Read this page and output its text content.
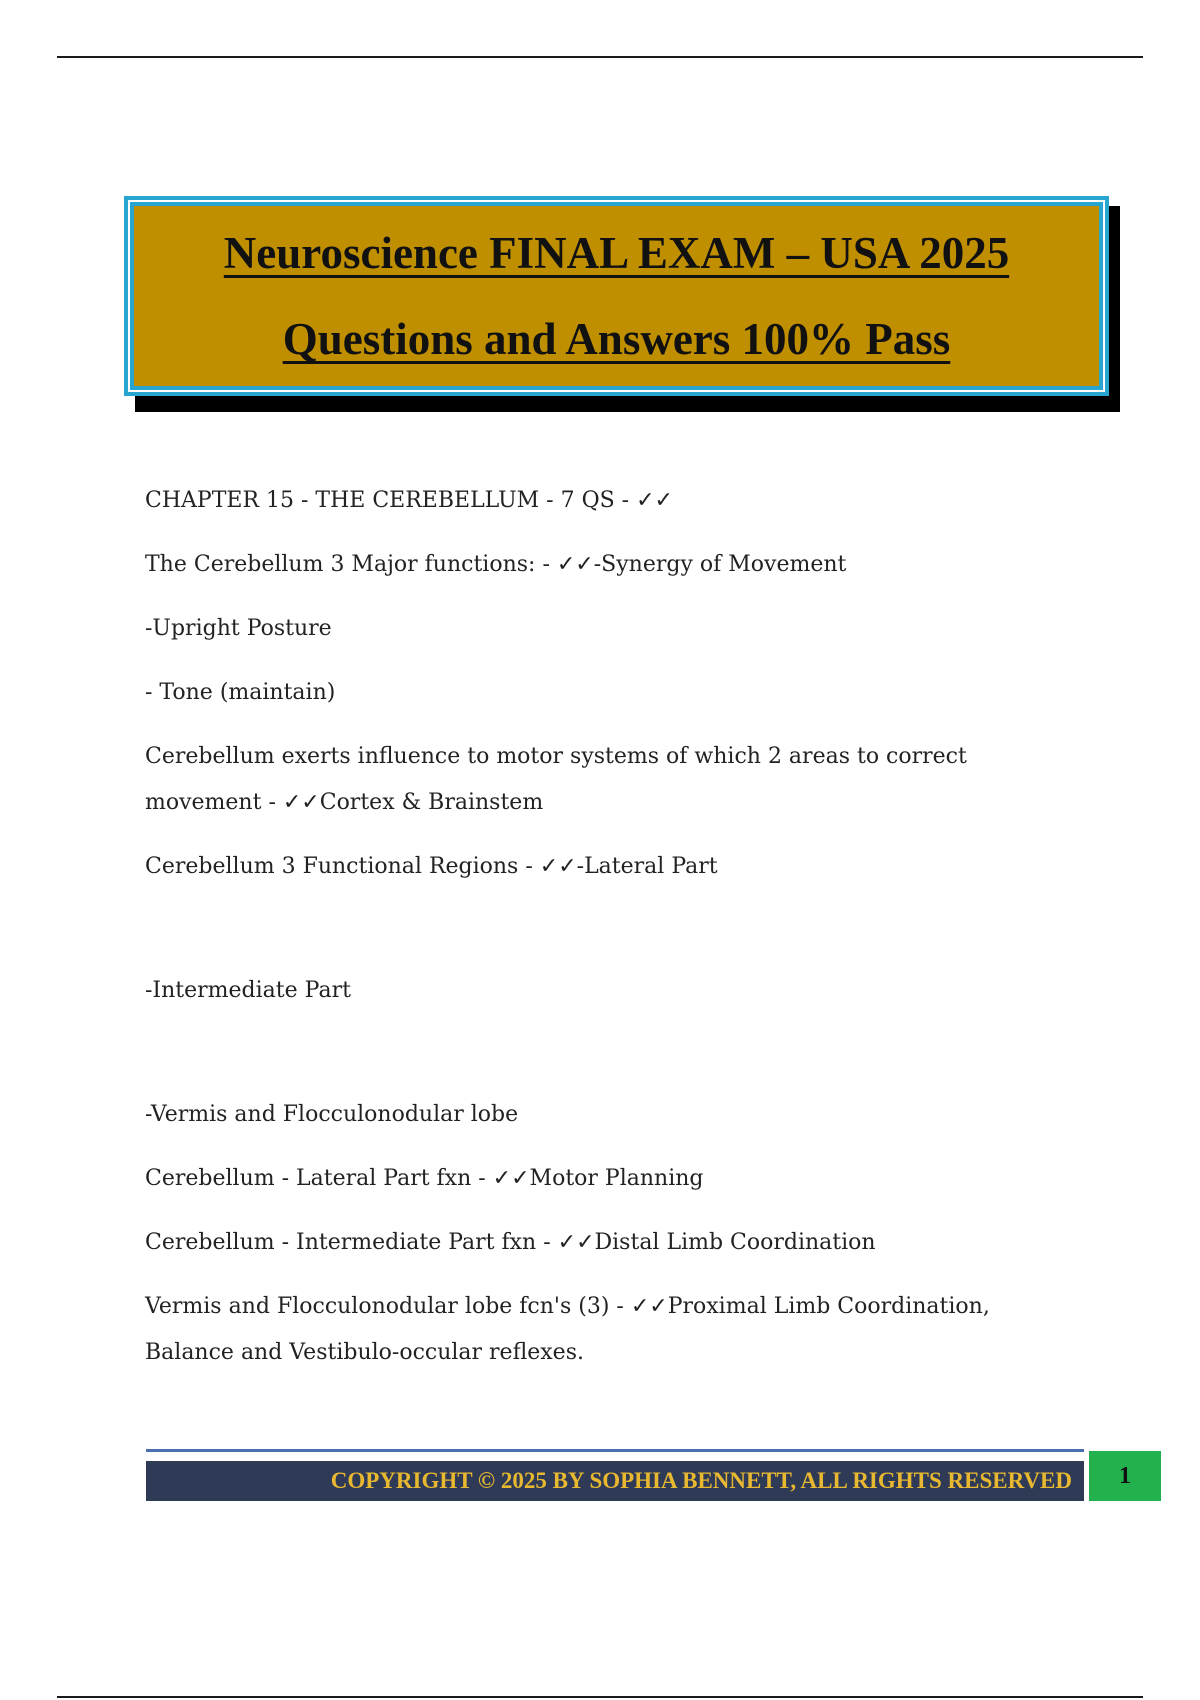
Neuroscience FINAL EXAM – USA 2025
Questions and Answers 100% Pass

CHAPTER 15 - THE CEREBELLUM - 7 QS - ✓✓

The Cerebellum 3 Major functions: - ✓✓-Synergy of Movement

-Upright Posture

- Tone (maintain)

Cerebellum exerts influence to motor systems of which 2 areas to correct movement - ✓✓Cortex & Brainstem

Cerebellum 3 Functional Regions - ✓✓-Lateral Part

-Intermediate Part

-Vermis and Flocculonodular lobe

Cerebellum - Lateral Part fxn - ✓✓Motor Planning

Cerebellum - Intermediate Part fxn - ✓✓Distal Limb Coordination

Vermis and Flocculonodular lobe fcn's (3) - ✓✓Proximal Limb Coordination, Balance and Vestibulo-occular reflexes.

COPYRIGHT © 2025 BY SOPHIA BENNETT, ALL RIGHTS RESERVED 1
